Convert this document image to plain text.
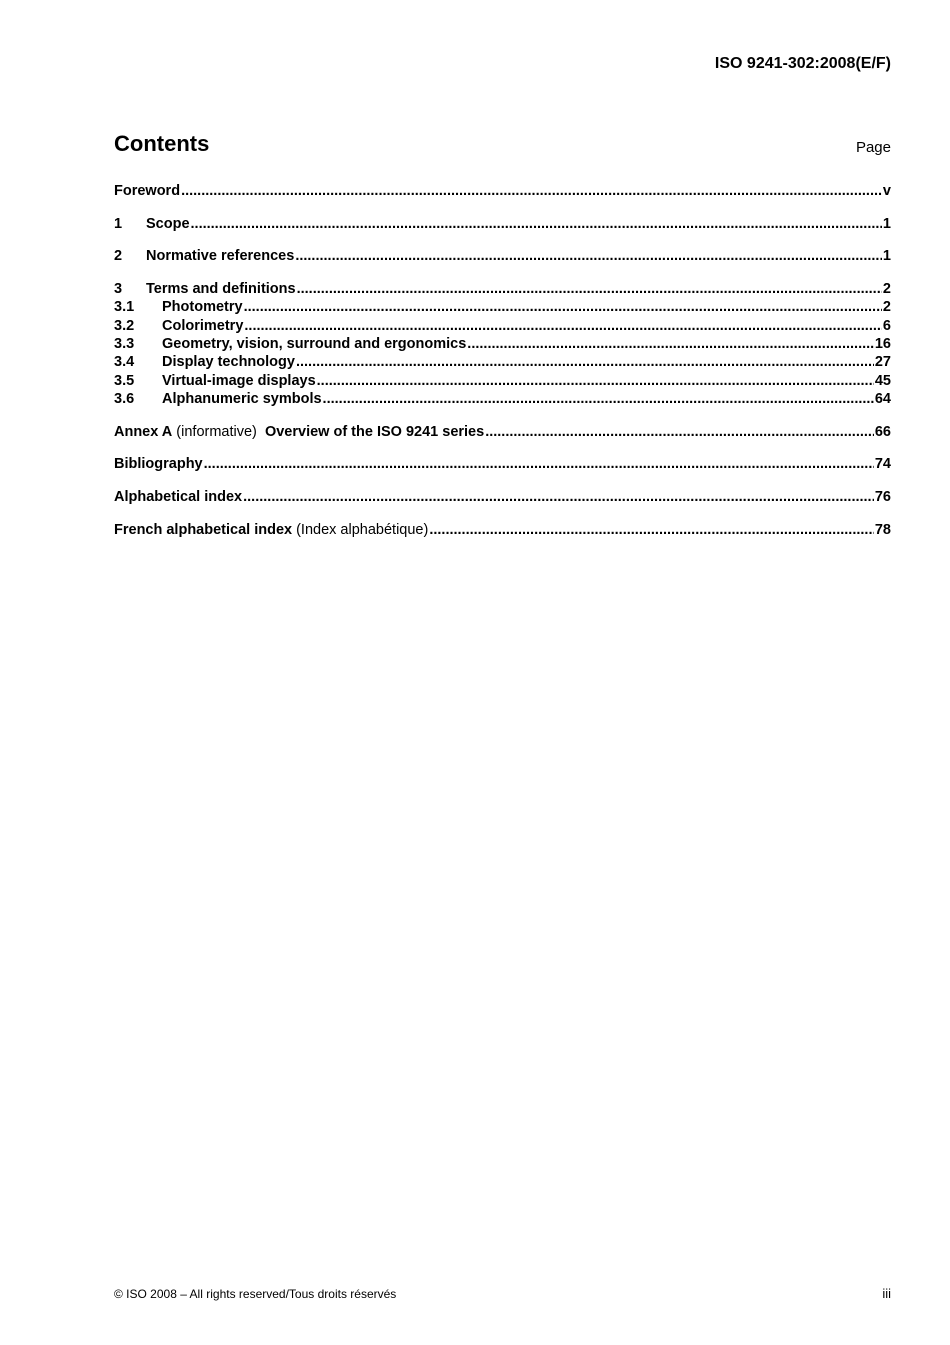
ISO 9241-302:2008(E/F)
Contents	Page
Foreword .....	v
1	Scope .....	1
2	Normative references .....	1
3	Terms and definitions .....	2
3.1	Photometry .....	2
3.2	Colorimetry .....	6
3.3	Geometry, vision, surround and ergonomics .....	16
3.4	Display technology .....	27
3.5	Virtual-image displays .....	45
3.6	Alphanumeric symbols .....	64
Annex A (informative)  Overview of the ISO 9241 series .....	66
Bibliography .....	74
Alphabetical index .....	76
French alphabetical index (Index alphabétique) .....	78
© ISO 2008 – All rights reserved/Tous droits réservés	iii
